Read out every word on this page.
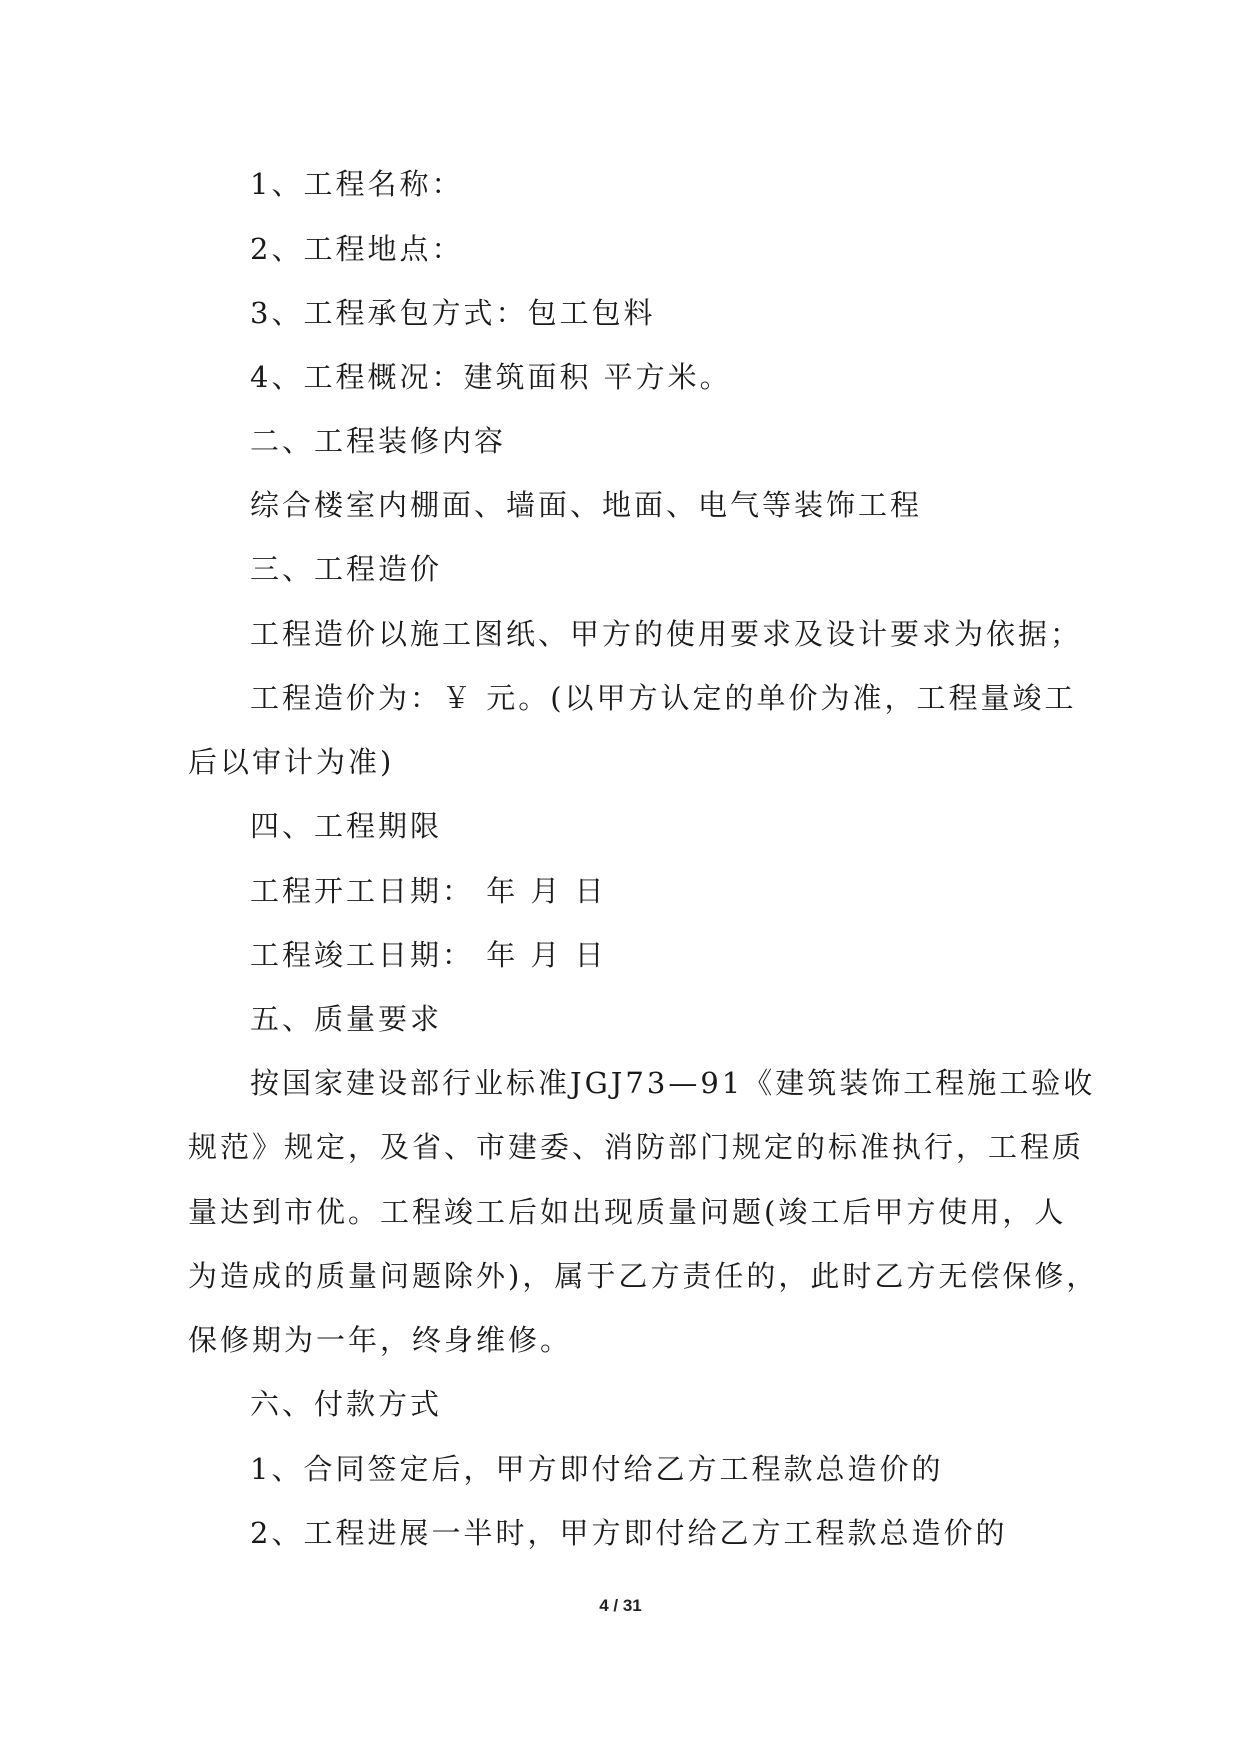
1、工程名称：
2、工程地点：
3、工程承包方式：包工包料
4、工程概况：建筑面积 平方米。
二、工程装修内容
综合楼室内棚面、墙面、地面、电气等装饰工程
三、工程造价
工程造价以施工图纸、甲方的使用要求及设计要求为依据；
工程造价为：￥ 元。(以甲方认定的单价为准，工程量竣工
后以审计为准)
四、工程期限
工程开工日期： 年 月 日
工程竣工日期： 年 月 日
五、质量要求
按国家建设部行业标准JGJ73—91《建筑装饰工程施工验收
规范》规定，及省、市建委、消防部门规定的标准执行，工程质
量达到市优。工程竣工后如出现质量问题(竣工后甲方使用，人
为造成的质量问题除外)，属于乙方责任的，此时乙方无偿保修，
保修期为一年，终身维修。
六、付款方式
1、合同签定后，甲方即付给乙方工程款总造价的
2、工程进展一半时，甲方即付给乙方工程款总造价的
4 / 31
